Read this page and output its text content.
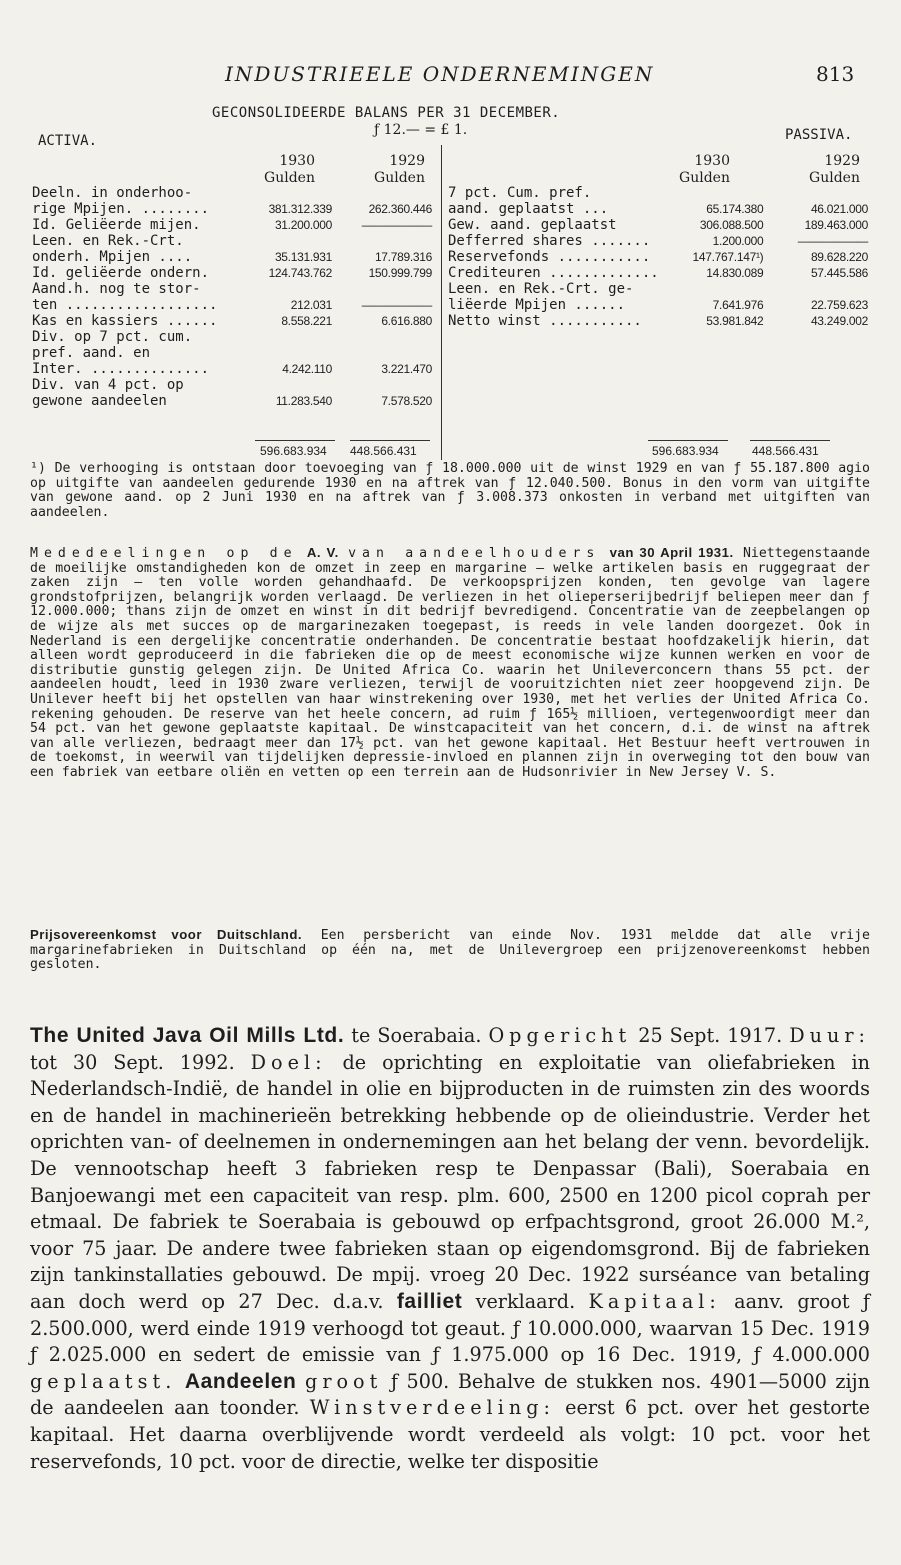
INDUSTRIEELE ONDERNEMINGEN	813
GECONSOLIDEERDE BALANS PER 31 DECEMBER.
ƒ 12.— = £ 1.
ACTIVA.	PASSIVA.
1930	1929
Gulden	Gulden
1930	1929
Gulden	Gulden
Deeln. in onderhoo-		
rige Mpijen. ........	381.312.339	262.360.446
Id. Geliëerde mijen.	31.200.000	——————
Leen. en Rek.-Crt.		
onderh. Mpijen ....	35.131.931	17.789.316
Id. geliëerde ondern.	124.743.762	150.999.799
Aand.h. nog te stor-		
ten ..................	212.031	——————
Kas en kassiers ......	8.558.221	6.616.880
Div. op 7 pct. cum.		
pref. aand. en		
Inter. ..............	4.242.110	3.221.470
Div. van 4 pct. op		
gewone aandeelen	11.283.540	7.578.520
7 pct. Cum. pref.		
aand. geplaatst ...	65.174.380	46.021.000
Gew. aand. geplaatst	306.088.500	189.463.000
Defferred shares .......	1.200.000	——————
Reservefonds ...........	147.767.147¹)	89.628.220
Crediteuren .............	14.830.089	57.445.586
Leen. en Rek.-Crt. ge-		
liëerde Mpijen ......	7.641.976	22.759.623
Netto winst ...........	53.981.842	43.249.002
596.683.934 448.566.431	596.683.934	448.566.431

¹) De verhooging is ontstaan door toevoeging van ƒ 18.000.000 uit de winst 1929 en van ƒ 55.187.800 agio op uitgifte van aandeelen gedurende 1930 en na aftrek van ƒ 12.040.500. Bonus in den vorm van uitgifte van gewone aand. op 2 Juni 1930 en na aftrek van ƒ 3.008.373 onkosten in verband met uitgiften van aandeelen.

Mededeelingen op de A. V. van aandeelhouders van 30 April 1931. Niettegenstaande de moeilijke omstandigheden kon de omzet in zeep en margarine — welke artikelen basis en ruggegraat der zaken zijn — ten volle worden gehandhaafd. De verkoopsprijzen konden, ten gevolge van lagere grondstofprijzen, belangrijk worden verlaagd. De verliezen in het olieperserijbedrijf beliepen meer dan ƒ 12.000.000; thans zijn de omzet en winst in dit bedrijf bevredigend. Concentratie van de zeepbelangen op de wijze als met succes op de margarinezaken toegepast, is reeds in vele landen doorgezet. Ook in Nederland is een dergelijke concentratie onderhanden. De concentratie bestaat hoofdzakelijk hierin, dat alleen wordt geproduceerd in die fabrieken die op de meest economische wijze kunnen werken en voor de distributie gunstig gelegen zijn. De United Africa Co. waarin het Unileverconcern thans 55 pct. der aandeelen houdt, leed in 1930 zware verliezen, terwijl de vooruitzichten niet zeer hoopgevend zijn. De Unilever heeft bij het opstellen van haar winstrekening over 1930, met het verlies der United Africa Co. rekening gehouden. De reserve van het heele concern, ad ruim ƒ 165½ millioen, vertegenwoordigt meer dan 54 pct. van het gewone geplaatste kapitaal. De winstcapaciteit van het concern, d.i. de winst na aftrek van alle verliezen, bedraagt meer dan 17½ pct. van het gewone kapitaal. Het Bestuur heeft vertrouwen in de toekomst, in weerwil van tijdelijken depressie-invloed en plannen zijn in overweging tot den bouw van een fabriek van eetbare oliën en vetten op een terrein aan de Hudsonrivier in New Jersey V. S.

Prijsovereenkomst voor Duitschland. Een persbericht van einde Nov. 1931 meldde dat alle vrije margarinefabrieken in Duitschland op één na, met de Unilevergroep een prijzenovereenkomst hebben gesloten.

The United Java Oil Mills Ltd. te Soerabaia. Opgericht 25 Sept. 1917. Duur: tot 30 Sept. 1992. Doel: de oprichting en exploitatie van oliefabrieken in Nederlandsch-Indië, de handel in olie en bijproducten in de ruimsten zin des woords en de handel in machinerieën betrekking hebbende op de olieindustrie. Verder het oprichten van- of deelnemen in ondernemingen aan het belang der venn. bevordelijk. De vennootschap heeft 3 fabrieken resp te Denpassar (Bali), Soerabaia en Banjoewangi met een capaciteit van resp. plm. 600, 2500 en 1200 picol coprah per etmaal. De fabriek te Soerabaia is gebouwd op erfpachtsgrond, groot 26.000 M.², voor 75 jaar. De andere twee fabrieken staan op eigendomsgrond. Bij de fabrieken zijn tankinstallaties gebouwd. De mpij. vroeg 20 Dec. 1922 surséance van betaling aan doch werd op 27 Dec. d.a.v. failliet verklaard. Kapitaal: aanv. groot ƒ 2.500.000, werd einde 1919 verhoogd tot geaut. ƒ 10.000.000, waarvan 15 Dec. 1919 ƒ 2.025.000 en sedert de emissie van ƒ 1.975.000 op 16 Dec. 1919, ƒ 4.000.000 geplaatst. Aandeelen groot ƒ 500. Behalve de stukken nos. 4901—5000 zijn de aandeelen aan toonder. Winstverdeeling: eerst 6 pct. over het gestorte kapitaal. Het daarna overblijvende wordt verdeeld als volgt: 10 pct. voor het reservefonds, 10 pct. voor de directie, welke ter dispositie
